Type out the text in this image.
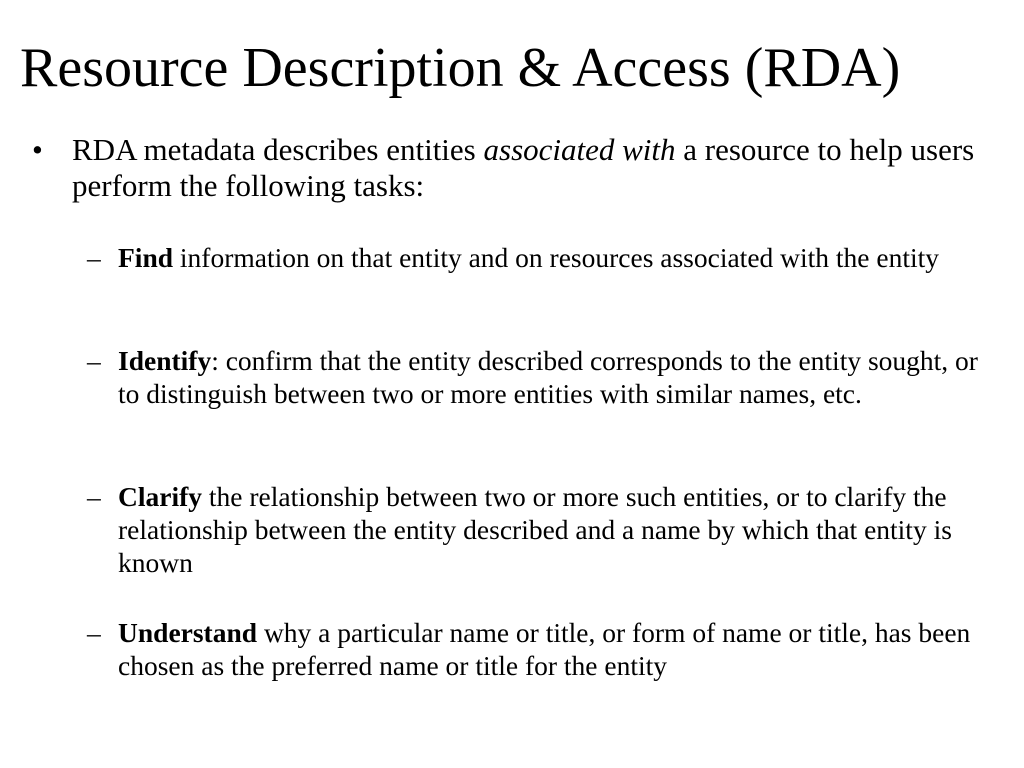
Resource Description & Access (RDA)
• RDA metadata describes entities associated with a resource to help users perform the following tasks:
– Find information on that entity and on resources associated with the entity
– Identify: confirm that the entity described corresponds to the entity sought, or to distinguish between two or more entities with similar names, etc.
– Clarify the relationship between two or more such entities, or to clarify the relationship between the entity described and a name by which that entity is known
– Understand why a particular name or title, or form of name or title, has been chosen as the preferred name or title for the entity
